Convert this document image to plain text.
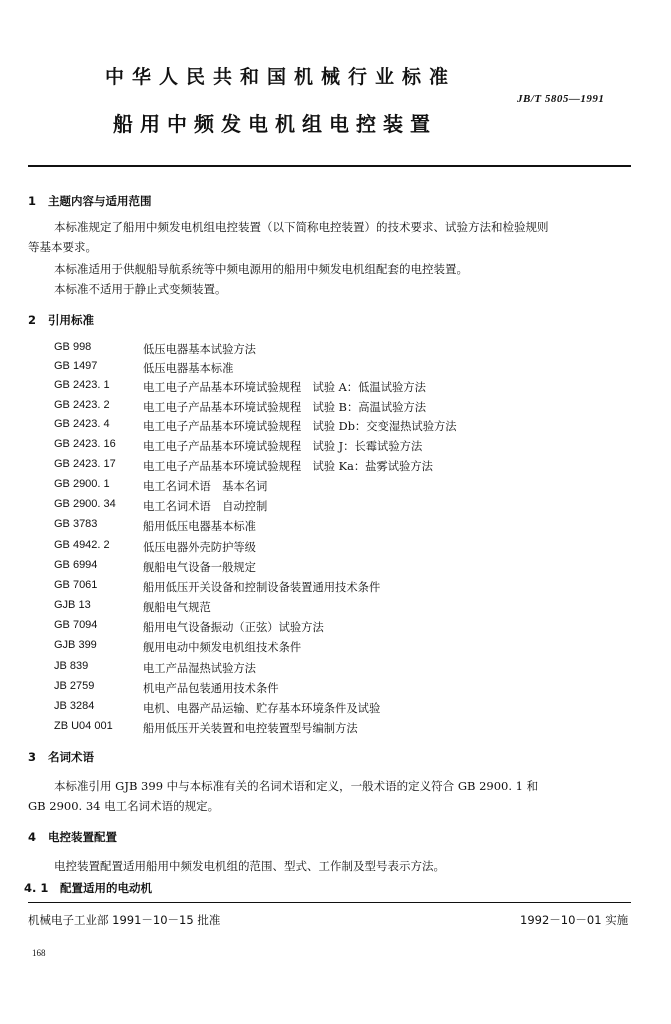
中华人民共和国机械行业标准
JB/T 5805—1991
船用中频发电机组电控装置
1 主题内容与适用范围
本标准规定了船用中频发电机组电控装置（以下简称电控装置）的技术要求、试验方法和检验规则
等基本要求。
本标准适用于供舰船导航系统等中频电源用的船用中频发电机组配套的电控装置。
本标准不适用于静止式变频装置。
2 引用标准
GB 998	低压电器基本试验方法
GB 1497	低压电器基本标准
GB 2423. 1	电工电子产品基本环境试验规程　试验 A：低温试验方法
GB 2423. 2	电工电子产品基本环境试验规程　试验 B：高温试验方法
GB 2423. 4	电工电子产品基本环境试验规程　试验 Db：交变湿热试验方法
GB 2423. 16 电工电子产品基本环境试验规程　试验 J：长霉试验方法
GB 2423. 17 电工电子产品基本环境试验规程　试验 Ka：盐雾试验方法
GB 2900. 1	电工名词术语　基本名词
GB 2900. 34 电工名词术语　自动控制
GB 3783	船用低压电器基本标准
GB 4942. 2	低压电器外壳防护等级
GB 6994	舰船电气设备一般规定
GB 7061	船用低压开关设备和控制设备装置通用技术条件
GJB 13	舰船电气规范
GB 7094	船用电气设备振动（正弦）试验方法
GJB 399	舰用电动中频发电机组技术条件
JB 839	电工产品湿热试验方法
JB 2759	机电产品包装通用技术条件
JB 3284	电机、电器产品运输、贮存基本环境条件及试验
ZB U04 001	船用低压开关装置和电控装置型号编制方法
3 名词术语
本标准引用 GJB 399 中与本标准有关的名词术语和定义，一般术语的定义符合 GB 2900. 1 和
GB 2900. 34 电工名词术语的规定。
4 电控装置配置
电控装置配置适用船用中频发电机组的范围、型式、工作制及型号表示方法。
4. 1 配置适用的电动机
机械电子工业部 1991－10－15 批准	1992－10－01 实施
168
